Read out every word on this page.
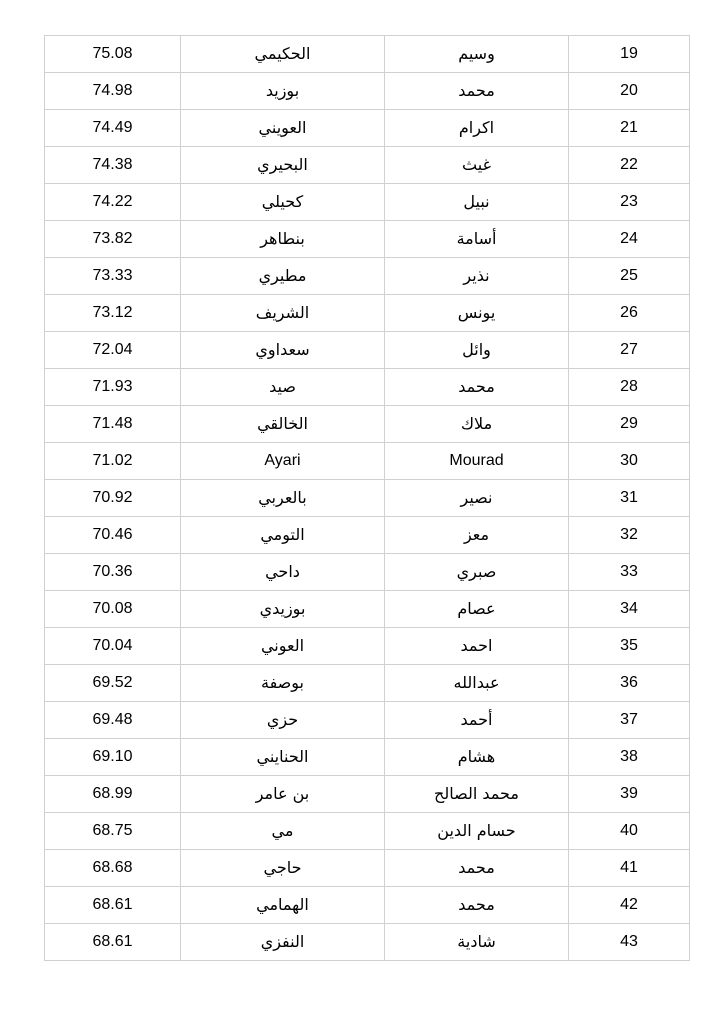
75.08	الحكيمي	وسيم	19
74.98	بوزيد	محمد	20
74.49	العويني	اكرام	21
74.38	البحيري	غيث	22
74.22	كحيلي	نبيل	23
73.82	بنطاهر	أسامة	24
73.33	مطيري	نذير	25
73.12	الشريف	يونس	26
72.04	سعداوي	وائل	27
71.93	صيد	محمد	28
71.48	الخالقي	ملاك	29
71.02	Ayari	Mourad	30
70.92	بالعربي	نصير	31
70.46	التومي	معز	32
70.36	داحي	صبري	33
70.08	بوزيدي	عصام	34
70.04	العوني	احمد	35
69.52	بوصفة	عبدالله	36
69.48	حزي	أحمد	37
69.10	الحنايني	هشام	38
68.99	بن عامر	محمد الصالح	39
68.75	مي	حسام الدين	40
68.68	حاجي	محمد	41
68.61	الهمامي	محمد	42
68.61	النفزي	شادية	43
